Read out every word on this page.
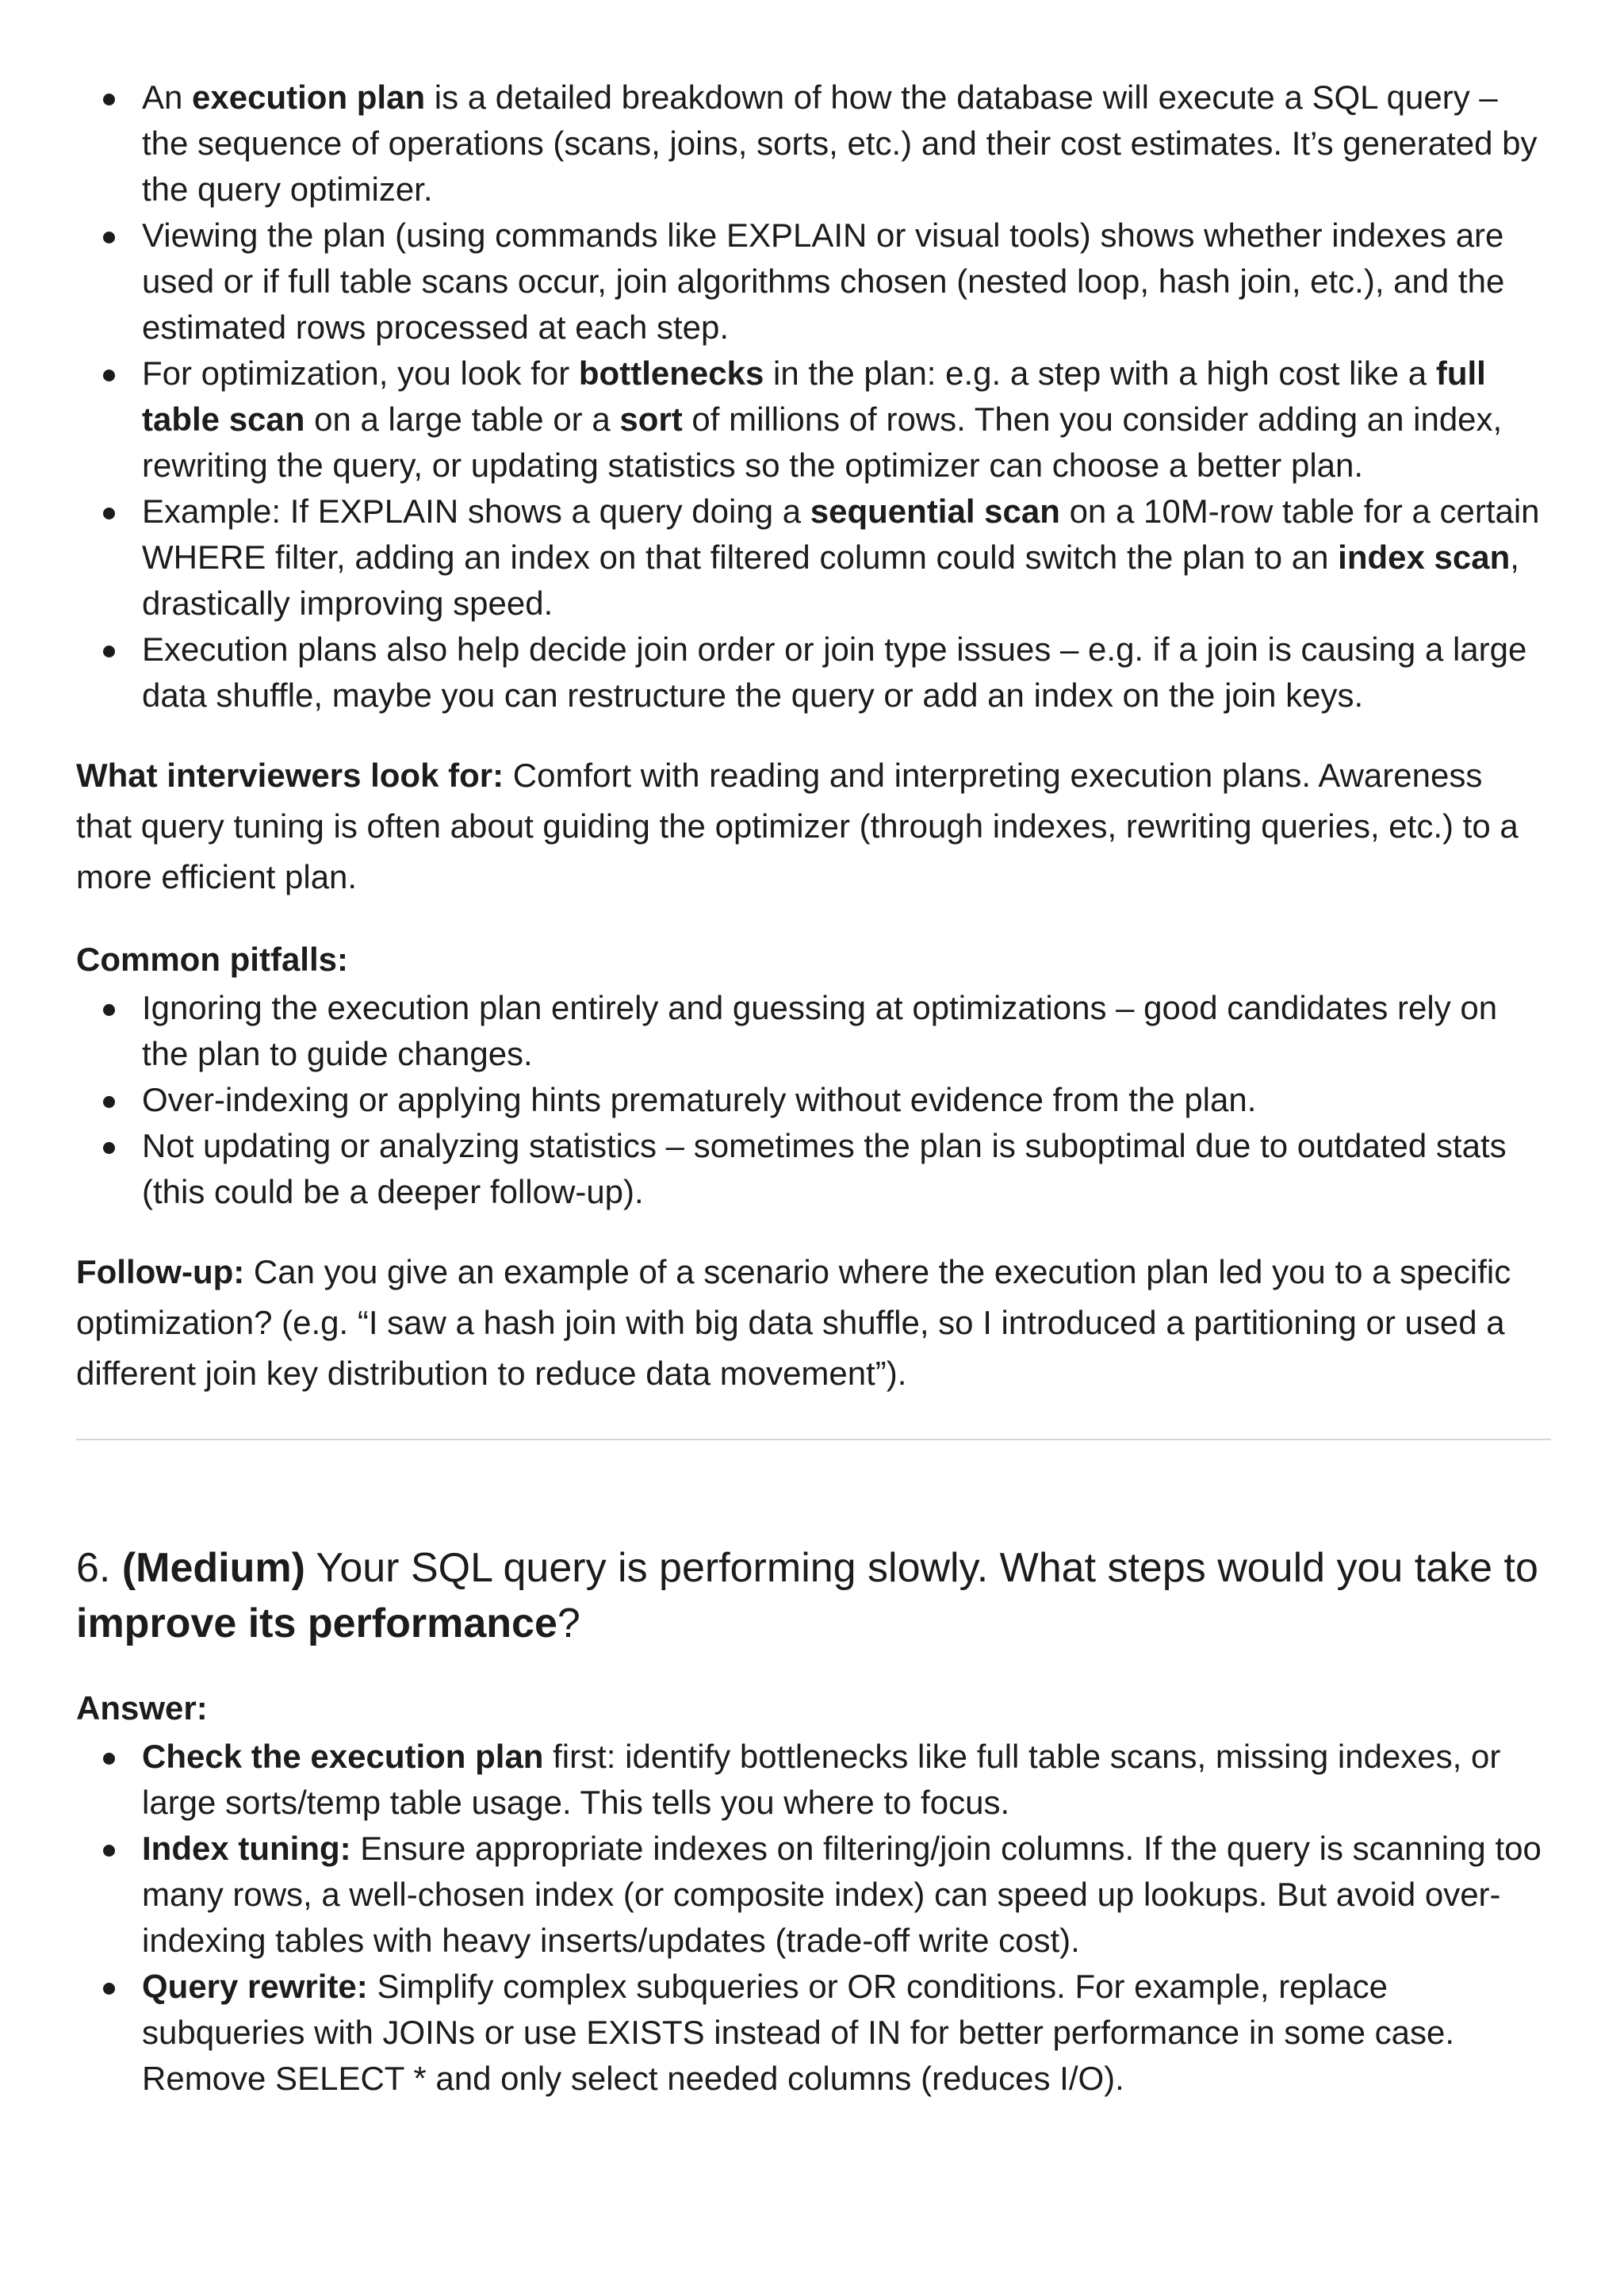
An execution plan is a detailed breakdown of how the database will execute a SQL query – the sequence of operations (scans, joins, sorts, etc.) and their cost estimates. It’s generated by the query optimizer.
Viewing the plan (using commands like EXPLAIN or visual tools) shows whether indexes are used or if full table scans occur, join algorithms chosen (nested loop, hash join, etc.), and the estimated rows processed at each step.
For optimization, you look for bottlenecks in the plan: e.g. a step with a high cost like a full table scan on a large table or a sort of millions of rows. Then you consider adding an index, rewriting the query, or updating statistics so the optimizer can choose a better plan.
Example: If EXPLAIN shows a query doing a sequential scan on a 10M-row table for a certain WHERE filter, adding an index on that filtered column could switch the plan to an index scan, drastically improving speed.
Execution plans also help decide join order or join type issues – e.g. if a join is causing a large data shuffle, maybe you can restructure the query or add an index on the join keys.

What interviewers look for: Comfort with reading and interpreting execution plans. Awareness that query tuning is often about guiding the optimizer (through indexes, rewriting queries, etc.) to a more efficient plan.

Common pitfalls:

Ignoring the execution plan entirely and guessing at optimizations – good candidates rely on the plan to guide changes.
Over-indexing or applying hints prematurely without evidence from the plan.
Not updating or analyzing statistics – sometimes the plan is suboptimal due to outdated stats (this could be a deeper follow-up).

Follow-up: Can you give an example of a scenario where the execution plan led you to a specific optimization? (e.g. “I saw a hash join with big data shuffle, so I introduced a partitioning or used a different join key distribution to reduce data movement”).

6. (Medium) Your SQL query is performing slowly. What steps would you take to improve its performance?

Answer:

Check the execution plan first: identify bottlenecks like full table scans, missing indexes, or large sorts/temp table usage. This tells you where to focus.
Index tuning: Ensure appropriate indexes on filtering/join columns. If the query is scanning too many rows, a well-chosen index (or composite index) can speed up lookups. But avoid over-indexing tables with heavy inserts/updates (trade-off write cost).
Query rewrite: Simplify complex subqueries or OR conditions. For example, replace subqueries with JOINs or use EXISTS instead of IN for better performance in some case. Remove SELECT * and only select needed columns (reduces I/O).
